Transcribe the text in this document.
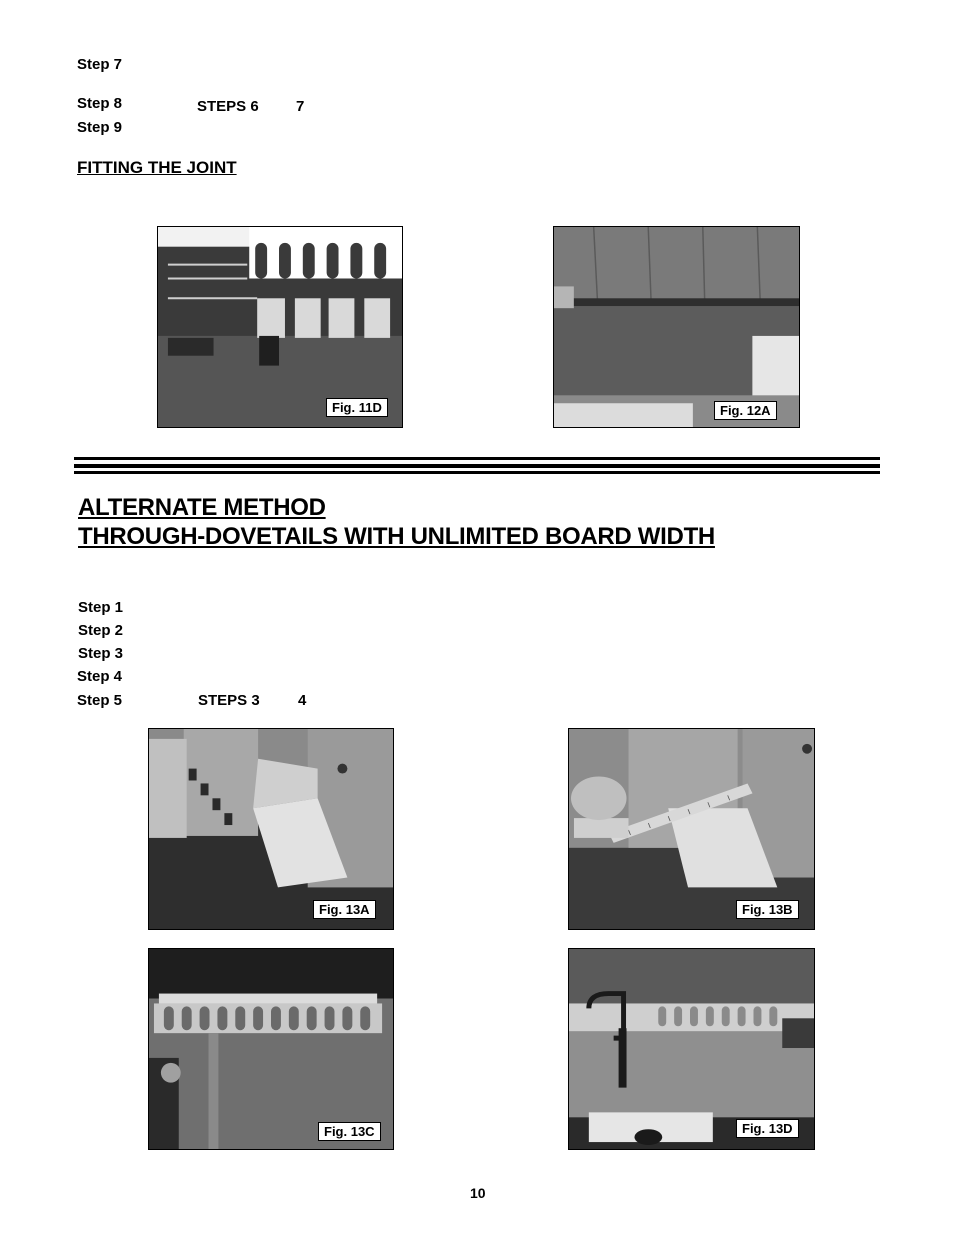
Step 7
Step 8	STEPS 6 7
Step 9
FITTING THE JOINT
Fig. 11D	Fig. 12A
ALTERNATE METHOD
THROUGH-DOVETAILS WITH UNLIMITED BOARD WIDTH
Step 1
Step 2
Step 3
Step 4
Step 5	STEPS 3	4
Fig. 13A	Fig. 13B
Fig. 13C	Fig. 13D
10
